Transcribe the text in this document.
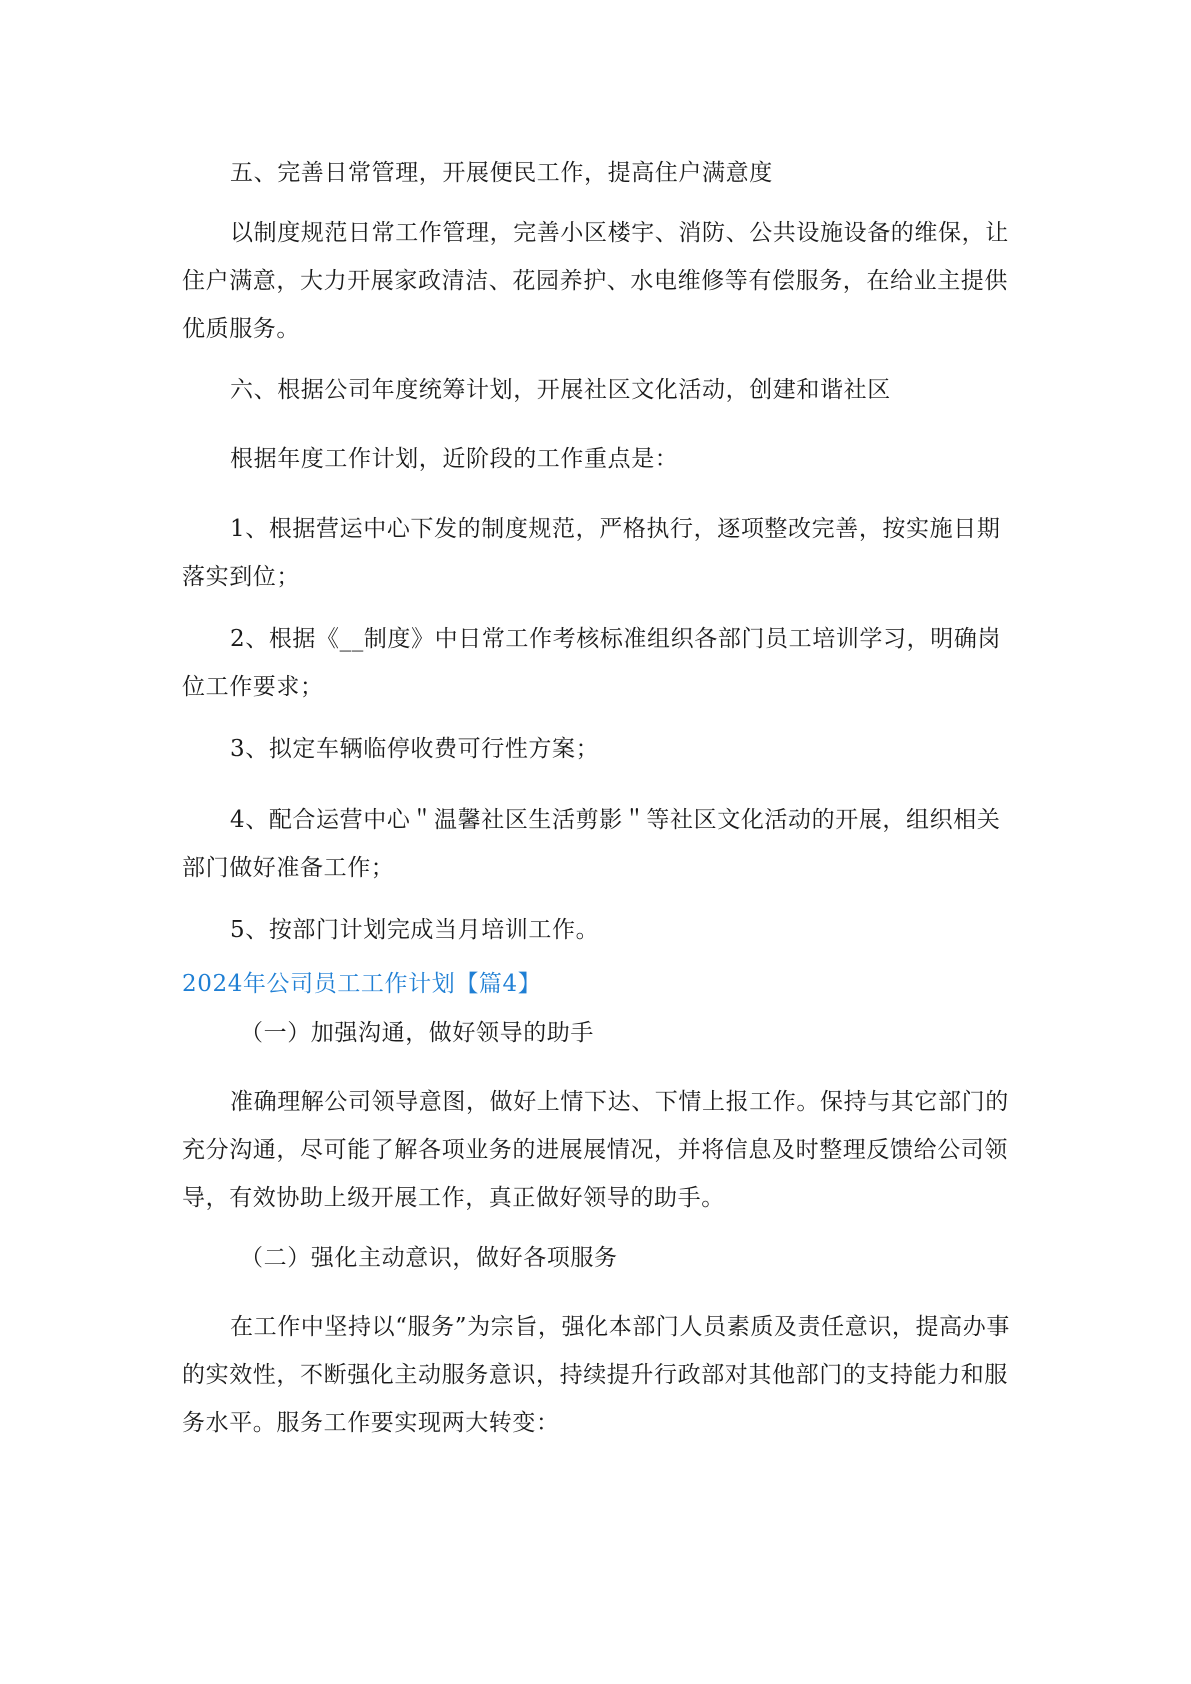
五、完善日常管理，开展便民工作，提高住户满意度
以制度规范日常工作管理，完善小区楼宇、消防、公共设施设备的维保，让住户满意，大力开展家政清洁、花园养护、水电维修等有偿服务，在给业主提供优质服务。
六、根据公司年度统筹计划，开展社区文化活动，创建和谐社区
根据年度工作计划，近阶段的工作重点是：
1、根据营运中心下发的制度规范，严格执行，逐项整改完善，按实施日期落实到位；
2、根据《__制度》中日常工作考核标准组织各部门员工培训学习，明确岗位工作要求；
3、拟定车辆临停收费可行性方案；
4、配合运营中心＂温馨社区生活剪影＂等社区文化活动的开展，组织相关部门做好准备工作；
5、按部门计划完成当月培训工作。
2024年公司员工工作计划【篇4】
（一）加强沟通，做好领导的助手
准确理解公司领导意图，做好上情下达、下情上报工作。保持与其它部门的充分沟通，尽可能了解各项业务的进展展情况，并将信息及时整理反馈给公司领导，有效协助上级开展工作，真正做好领导的助手。
（二）强化主动意识，做好各项服务
在工作中坚持以“服务”为宗旨，强化本部门人员素质及责任意识，提高办事的实效性，不断强化主动服务意识，持续提升行政部对其他部门的支持能力和服务水平。服务工作要实现两大转变：
